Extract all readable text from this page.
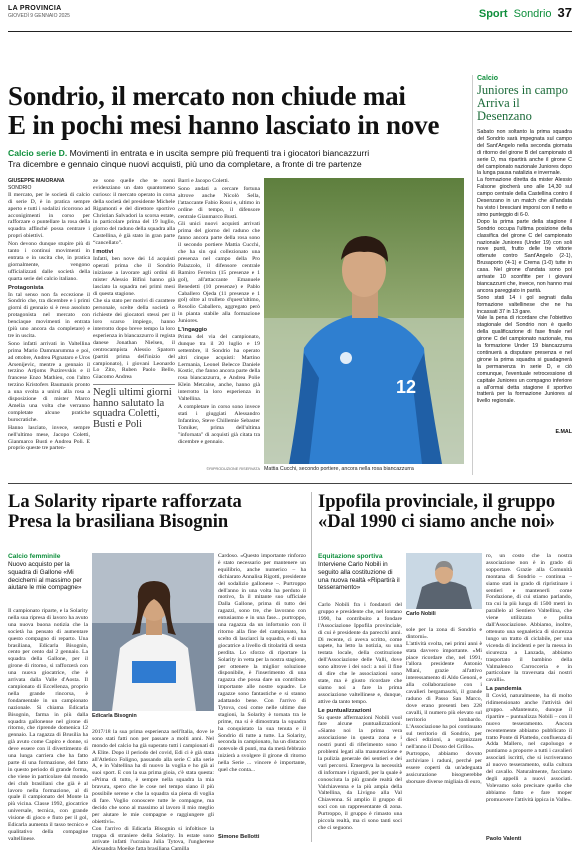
LA PROVINCIA
GIOVEDÌ 9 GENNAIO 2025	Sport Sondrio 37
Sondrio, il mercato non chiude mai
E in pochi mesi hanno lasciato in nove
Calcio serie D. Movimenti in entrata e in uscita sempre più frequenti tra i giocatori biancazzurri
Tra dicembre e gennaio cinque nuovi acquisti, più uno da completare, a fronte di tre partenze
GIUSEPPE MAIORANA
SONDRIO

Il mercato, per le società di calcio di serie D, è in pratica sempre aperto e tutti i sodalizi ricorrono ad acconigimenti in corso per rafforzare o puntellare la rosa della squadra affinché possa centrare i propri obiettivi.

Non devono dunque stupire più di tanto i continui movimenti in entrata e in uscita che, in pratica giornalmente, vengono ufficializzati dalle società della quarta serie del calcio italiano.

Protagonista

In tal senso non fa eccezione il Sondrio che, tra dicembre e i primi giorni di gennaio si è reso assoluto protagonista nel mercato con benciaque movimenti in entrata (più uno ancora da completare) e tre in uscita.

Sono infatti arrivati in Valtellina prima Mario Dammarumma e poi, ad ottobre, Andrea Pignataro e Uros Arsenijevic, mentre a gennaio il terzino Artjoms Puzirevskis e il francese Enzo Mathieu, con l'altro terzino Kristofers Baumanis pronto a una svolta a unirsi alla rosa a disposizione di mister Marco Amelia una volta che verranno completate alcune pratiche burocratiche.

Hanno lasciato, invece, sempre nell'ultimo mese, Jacopo Coletti, Gianmarco Busti e Andrea Poli. E proprio queste tre parten-

ze sono quelle che te nomi evidenziano un dato quantomeno curioso: il mercato operato in corsa della società del presidente Michele Rigamonti e del direttore sportivo Christian Salvadori la scorsa estate, in particolare prima del 19 luglio, giorno del raduno della squadra alla Castellina, è già stato in gran parte “cancellato”.

I motivi

Infatti, ben nove dei 14 acquisti operati prima che il Sondrio iniziasse a lavorare agli ordini di mister Alessio Bifini hanno già lasciato la squadra nei primi mesi di questa stagione.

Che sia stato per motivi di carattere personale, scelte della società o richieste dei giocatori stessi per il loro scarso impiego, hanno interrotto dopo breve tempo la loro esperienza in biancazzurro il regista danese Jonathan Nielsen, il centrocampista Alessio Spatorn (partiti prima dell'inizio del campionato), i giovani Leonardo Lo Zito, Ruben Paolo Bello, Giacomo Andrea

Negli ultimi giorni hanno salutato la squadra Coletti, Busti e Poli

Barri e Jacopo Coletti.

Sono andati a cercare fortuna altrove anche Nicolò Sella, l'attaccante Fabio Rossi e, ultimo in ordine di tempo, il difensore centrale Gianmarco Busti.

Gli unici nuovi acquisti arrivati prima del giorno del raduno che fanno ancora parte della rosa sono il secondo portiere Mattia Cucchi, che ha sin qui collezionato una presenza nel campo della Pro Palazzolo, il difensore centrale Ramiro Ferreira (15 presenze e 1 gol), all'attaccante Emanuele Benedetti (10 presenze) e Pablo Caballero Ojeda (11 presenze e 1 gol) oltre al trulleto d'quest'ultimo, Rosolio Caballero, aggregato però in pianta stabile alla formazione Juniores.

L'ingaggio

Prima del via del campionato, dunque tra il 20 luglio e 19 settembre, il Sondrio ha operato altri cinque acquisti: Martino Lermania, Leonel Belecce Daniele Kostic, che fanno ancora parte della rosa biancazzurra, e Andrea Polie Klein Metcalse, anche, hanno già interrotto la loro esperienza in Valtellina.

A completare in corso sono invece stati i giuggiati Alessandro Infantino, Steve Chillemie Sebaster Tomiker, prima dell'ultima "infornata" di acquisti già citata tra dicembre e gennaio.

©RIPRODUZIONE RISERVATA
12
Mattia Cucchi, secondo portiere, ancora nella rosa biancazzurra
Calcio
Juniores in campo Arriva il Desenzano
Sabato non soltanto la prima squadra del Sondrio sarà impegnata sul campo del Sant'Angelo nella seconda giornata di ritorno del girone B del campionato di serie D, ma ripartirà anche il girone C del campionato nazionale Juniores dopo la lunga pausa natalizia e invernale.
La formazione diretta da mister Alessio Falsone giocherà uno alle 14,30 sul campo centrale della Castellina contro il Desenzano in un match che all'andata ha visto i bresciani imporsi con il netto e simo punteggio di 6-0.
Dopo la prima parte della stagione il Sondrio occupa l'ultima posizione della classifica del girone C del campionato nazionale Juniores (Under 19) con soli nove punti, frutto delle tre vittorie ottenute contro Sant'Angelo (2-1), Brusaporto (4-1) e Crema (1-0) tutte in casa. Nel girone d'andata sono poi arrivate 10 sconfitte per i giovani biancazzurri che, invece, non hanno mai ancora pareggiato in parità.
Sono stati 14 i gol segnati dalla formazione valtellinese che ne ha incassati 37 in 13 gare.
Vale la pena di ricordare che l'obiettivo stagionale del Sondrio non è quello della qualificazione di fase finale nel girone C del campionato nazionale, ma la formazione Under 19 biancazzurra continuerà a disputare presenza e nel girone la prima squadra si guadagnerà la permanenza in serie D, e ciò comunque, l'eventuale retrocessione di capitale Juniores un compagno inferiore a all'ormai detta stagione il sportivo tratterà per la formazione Juniores al livello regionale.
E.MAL
La Solarity riparte rafforzata
Presa la brasiliana Bisognin
Calcio femminile
Nuovo acquisto per la squadra di Gallone «Mi decichemi al massimo per aiutare le mie compagne»

Il campionato riparte, e la Solarity nella sua ripresa di lavoro ha avuto una nuova buona notizia che la società ha pensato di aumentare questo compagno di reparto. Una brasiliana, Edicarla Bisognin, cento per cento dal 2 gennaio. La squadra della Gallone, per il girone di ritorno, si rafforzerà con una nuova giocatrice, che è arrivata dalla Valle d'Aosta. Il campionato di Eccellenza, proprio nella grande rincorsa, è fondamentale in un campionato nazionale. Si chiama Edicarla Bisognin, farma in più dalla squadra gallonense nel girone di ritorno, che riprende domenica 12 gennaio. La ragazza di Brusilia ha già avuto come Capiro e donne, si deve essere con il divertimento di una lunga carriera che ha fatto parte di una formazione, del fatto in questo periodo di grande forma, che viene in particolare dal mondo dei club brasiliani che già è al lavoro nella formazione, al di quale il campionato del Monte la più vicina. Classe 1992, giocatrice universale, tecnica, con grande visione di gioco e fiuto per il gol, Edicarla aumenta il tasso tecnico e qualitativo della compagine valtellinese.

Edicarla Bisognin

2017/18 la sua prima esperienza nell'Italia, dove le sono stati fatti non per passare a molti anni. Nel mondo del calcio ha già superato tutti i campionati di A Elite. Dopo il periodo del covid, Edi ci è già stata all'Atletico Foligno, passando alla serie C alla serie A, e in Valtellina ha di nuovo la voglia e ho già ai suoi sport. E con la sua prima gioia, c'è stata questa: «Prima di tutto, è sempre nella squadra la mia bravura, spero che le cose nel tempo siano il più possibile serene e che la squadra sia piena di voglia di fare. Voglio conoscere tutte le compagne, ma decido che sono al massimo al lavoro il mio meglio per aiutare le mie compagne e raggiungere gli obiettivi».
Con l'arrivo di Edicarla Bisognin si infoltisce la truppa di straniere della Solarity. In estate sono arrivate infatti l'ucraina Julia Tytova, l'ungherese Alexandra Moeike fatta brasiliana Camilla

Cardoso. «Questo importante rinforzo è stato necessario per mantenere un equilibrio, anche numerico – ha dichiarato Annalisa Rigotti, presidente del sodalizio gallonese –. Purtroppo dell'anno in una volta ha perduto il motivo, fa il mitante suo ufficiale Dalla Gallone, prima di tutto dei ragazzi, sono tre, che lavorano con entusiasmo e in una fase... purtroppo, una ragazza da un infortunio con il ritorno alla fine del campionato, ha scelto di lasciarci la squadra, e di una giocatrice a livello di titolarità di sesta perdita. Lo sforzo di riportare la Solarity in vetta per la nostra stagione, per ottenere la miglior soluzione disponibile, è l'inserimento di una ragazza che possa dare un contributo importante alle nostre squadre. Le ragazze sono fantastiche e si stanno adattando bene. Con l'arrivo di Tytova, così come nelle ultime due stagioni, la Solarity è tornata tra le prime, ma si è dimostrata la squadra ha conquistato la sua tenuta e il Sondrio di tutte a tutte. La Solarity, seconda in campionato, ha un distacco notevole di punti, ma da metà febbraio inizierà a svolgere il girone di ritorno nella Serie ... vincere è importante, quel che conta...

Simone Bellotti
Ippofila provinciale, il gruppo
«Dal 1990 ci siamo anche noi»
Equitazione sportiva
Interviene Carlo Nobili in seguito alla costituzione di una nuova realtà «Ripartirà il tesseramento»

Carlo Nobili fra i fondatori del gruppo e presidente che, nel lontano 1990, ha contribuito a fondare l'Associazione Ippofila provinciale, di cui è presidente da parecchi anni. Di recente, ci aveva scritto, come sapete, ha letto la notizia, su una testata locale, della costituzione dell'Associazione delle Valli, dove sono altrove i dei soci: a noi il fine di dire che le associazioni sono state, ma è giusto ricordare che siamo noi a fare la prima associazione valtellinese e, dunque, attive da tanto tempo.

Le puntualizzazioni

Su queste affermazioni Nobili vuol fare alcune puntualizzazioni. «Siamo noi la prima vera associazione in questa zona e i nostri punti di riferimento sono i problemi legati alla manutenzione e la pulizia generale dei sentieri e dei vari percorsi. Emergeva la necessità di informare i riguardi, per la quale è conosciuta la più grande realtà del Valchiavenna e la più ampia della Valtellina, da Livigno alla Val Chiavenna. Si amplio il gruppo di soci con un rappresentante di zona. Purtroppo, il gruppo è rimasto una piccola realtà, ma ci sono tanti soci che ci seguono.

Carlo Nobili

sole per la zona di Sondrio e dintorni».
L'attività svolta, nei primi anni è stata davvero importante. «Mi piace ricordare che, nel 1991, l'allora presidente Antonio Mlani, grazie all'attivo interessamento di Aldo Genoni, e alla collaborazione con i cavalieri bergamaschi, il grande raduno di Passo San Marco, dove erano presenti ben 228 cavalli, il numero più elevato sul territorio lombardo. L'Associazione ha poi continuato sul territorio di Sondrio, per dieci edizioni, a organizzare nell'anno il Dosso del Grillo».
Purtroppo, abbiamo dovuto archiviare i raduni, perché per essere coperti da un'adeguata assicurazione bisognerebbe sborsare diverse migliaia di euro,

ro, un costo che la nostra associazione non è in grado di sopportare. Grazie alla Comunità montana di Sondrio – continua – siamo stati in grado di ripristinare i sentieri e mantenerli come Fondazione, di cui stiamo parlando, tra cui la più lunga di 1500 metri in parallelo al Sentiero Valtellina, che viene utilizzata e pulita dall'Associazione. Abbiamo, inoltre, ottenuto una segnaletica di sicurezza lungo un tratto di ciclabile, per una vicenda di incidenti e per la messa in sicurezza a Lanzada, abbiamo trasportato il bambino della Valmalenco Carrocceria e in particolare la traversata dai nostri cavalli».

La pandemia

Il Covid, naturalmente, ha di molto ridimensionato anche l'attività del gruppo. «Mantenuto, dunque il ripartire – puntualizza Nobili – con il nuovo tesseramento. Ancora recentemente abbiamo pubblicato il tratto Ponte di Piattedo, confluenza di Adda Mallero, nel capoluogo e puntiamo a proporre a tutti i cavalieri associati iscritti, che si iscriveranno al nuovo tesseramento, sulla cultura del cavallo. Naturalmente, facciamo degli appelli a nuovi associati. Volevamo solo precisare quello che abbiamo fatto e fare moper promuovere l'attività ippica in Valle».

Paolo Valenti
